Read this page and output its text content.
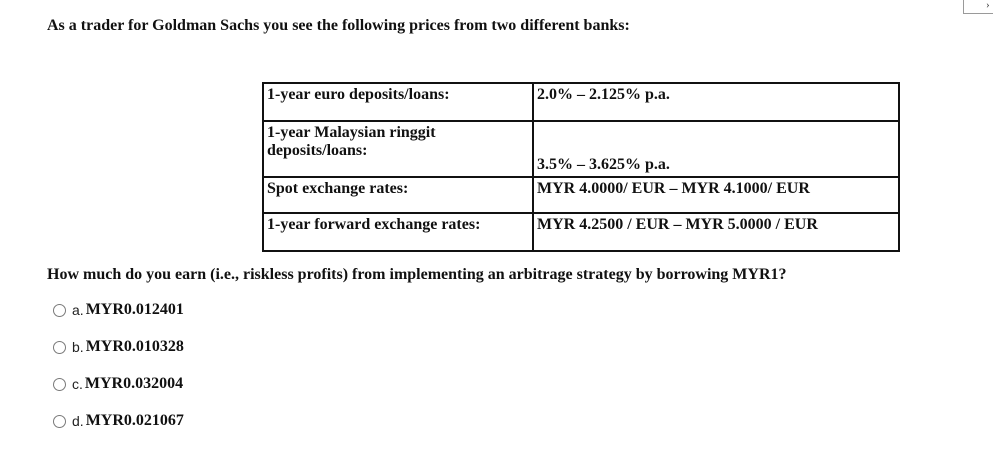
›

As a trader for Goldman Sachs you see the following prices from two different banks:

1-year euro deposits/loans:	2.0% – 2.125% p.a.
1-year Malaysian ringgit deposits/loans:	3.5% – 3.625% p.a.
Spot exchange rates:	MYR 4.0000/ EUR – MYR 4.1000/ EUR
1-year forward exchange rates:	MYR 4.2500 / EUR – MYR 5.0000 / EUR

How much do you earn (i.e., riskless profits) from implementing an arbitrage strategy by borrowing MYR1?

a. MYR0.012401
b. MYR0.010328
c. MYR0.032004
d. MYR0.021067
